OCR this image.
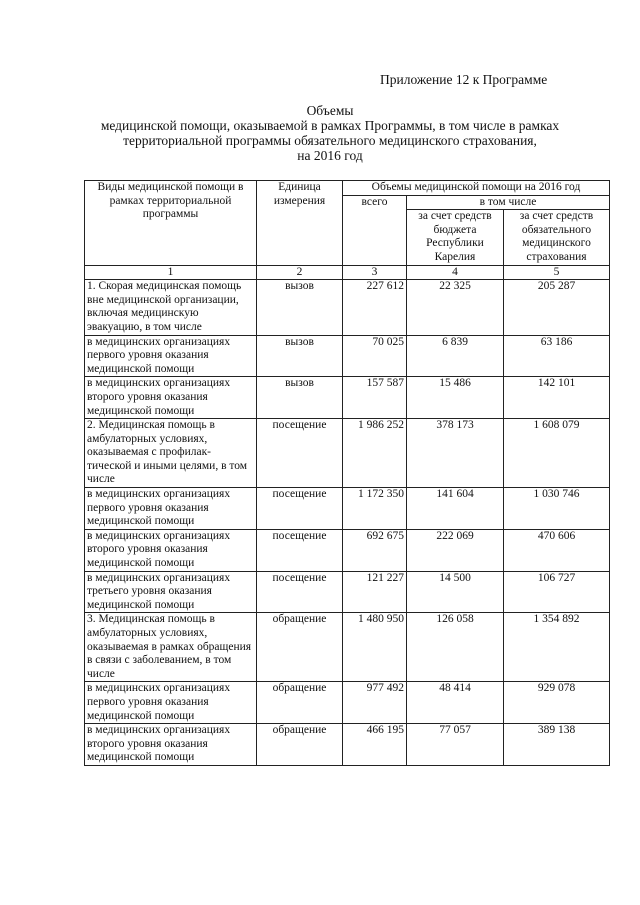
Приложение 12 к Программе
Объемы
медицинской помощи, оказываемой в рамках Программы, в том числе в рамках
территориальной программы обязательного медицинского страхования,
на 2016 год
Виды медицинской помощи в рамках территориальной программы	Единица измерения	Объемы медицинской помощи на 2016 год		
		всего	в том числе	
			за счет средств бюджета Республики Карелия	за счет средств обязательного медицинского страхования
1	2	3	4	5
1. Скорая медицинская помощь вне медицинской организации, включая медицинскую эвакуацию, в том числе	вызов	227 612	22 325	205 287
в медицинских организациях первого уровня оказания медицинской помощи	вызов	70 025	6 839	63 186
в медицинских организациях второго уровня оказания медицинской помощи	вызов	157 587	15 486	142 101
2. Медицинская помощь в амбулаторных условиях, оказываемая с профилак- тической и иными целями, в том числе	посещение	1 986 252	378 173	1 608 079
в медицинских организациях первого уровня оказания медицинской помощи	посещение	1 172 350	141 604	1 030 746
в медицинских организациях второго уровня оказания медицинской помощи	посещение	692 675	222 069	470 606
в медицинских организациях третьего уровня оказания медицинской помощи	посещение	121 227	14 500	106 727
3. Медицинская помощь в амбулаторных условиях, оказываемая в рамках обращения в связи с заболеванием, в том числе	обращение	1 480 950	126 058	1 354 892
в медицинских организациях первого уровня оказания медицинской помощи	обращение	977 492	48 414	929 078
в медицинских организациях второго уровня оказания медицинской помощи	обращение	466 195	77 057	389 138
